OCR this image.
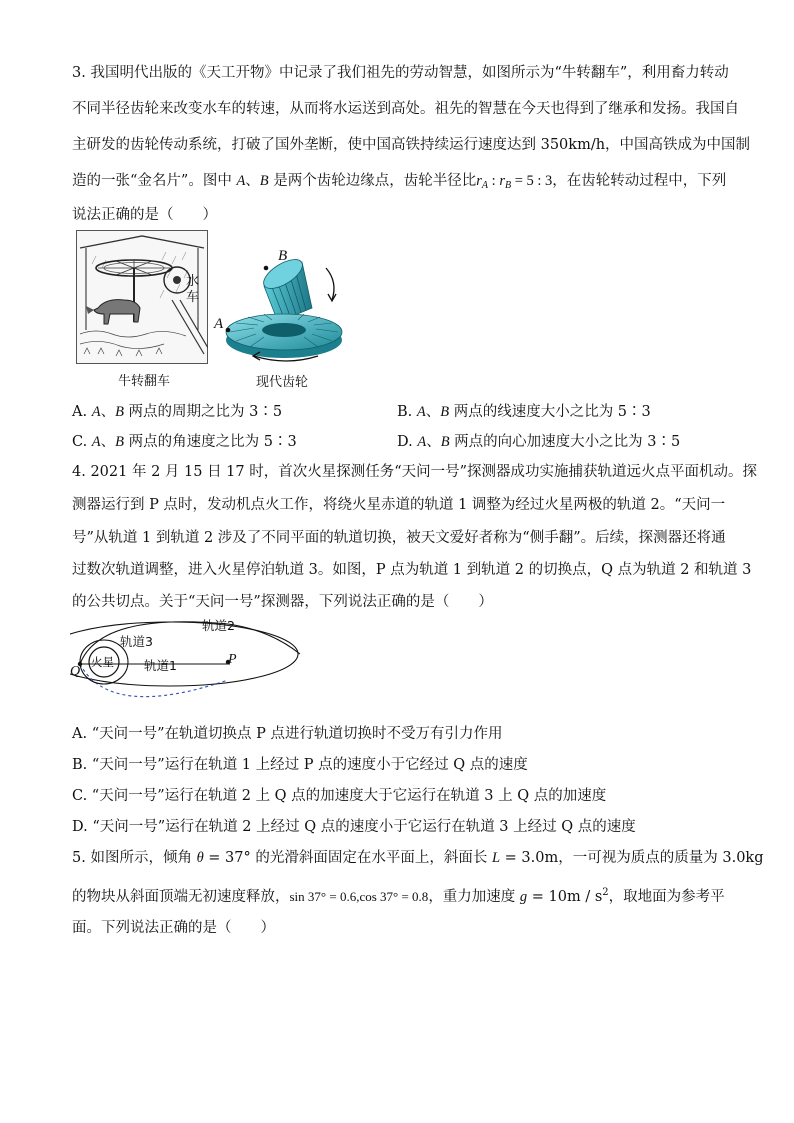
3. 我国明代出版的《天工开物》中记录了我们祖先的劳动智慧，如图所示为“牛转翻车”，利用畜力转动
不同半径齿轮来改变水车的转速，从而将水运送到高处。祖先的智慧在今天也得到了继承和发扬。我国自
主研发的齿轮传动系统，打破了国外垄断，使中国高铁持续运行速度达到 350km/h，中国高铁成为中国制
造的一张“金名片”。图中 A、B 是两个齿轮边缘点，齿轮半径比$r_A$ : $r_B = 5$ : 3，在齿轮转动过程中，下列
说法正确的是（　　）
水
车
牛转翻车
B
A
现代齿轮
A. A、B 两点的周期之比为 3∶5	B. A、B 两点的线速度大小之比为 5∶3
C. A、B 两点的角速度之比为 5∶3	D. A、B 两点的向心加速度大小之比为 3∶5
4. 2021 年 2 月 15 日 17 时，首次火星探测任务“天问一号”探测器成功实施捕获轨道远火点平面机动。探
测器运行到 P 点时，发动机点火工作，将绕火星赤道的轨道 1 调整为经过火星两极的轨道 2。“天问一
号”从轨道 1 到轨道 2 涉及了不同平面的轨道切换，被天文爱好者称为“侧手翻”。后续，探测器还将通
过数次轨道调整，进入火星停泊轨道 3。如图，P 点为轨道 1 到轨道 2 的切换点，Q 点为轨道 2 和轨道 3
的公共切点。关于“天问一号”探测器，下列说法正确的是（　　）
轨道2
轨道3
轨道1
火星	P
Q
A. “天问一号”在轨道切换点 P 点进行轨道切换时不受万有引力作用
B. “天问一号”运行在轨道 1 上经过 P 点的速度小于它经过 Q 点的速度
C. “天问一号”运行在轨道 2 上 Q 点的加速度大于它运行在轨道 3 上 Q 点的加速度
D. “天问一号”运行在轨道 2 上经过 Q 点的速度小于它运行在轨道 3 上经过 Q 点的速度
5. 如图所示，倾角 θ = 37° 的光滑斜面固定在水平面上，斜面长 L = 3.0m，一可视为质点的质量为 3.0kg
的物块从斜面顶端无初速度释放，sin 37° = 0.6,cos 37° = 0.8，重力加速度 $g = 10m / s^2$，取地面为参考平
面。下列说法正确的是（　　）
